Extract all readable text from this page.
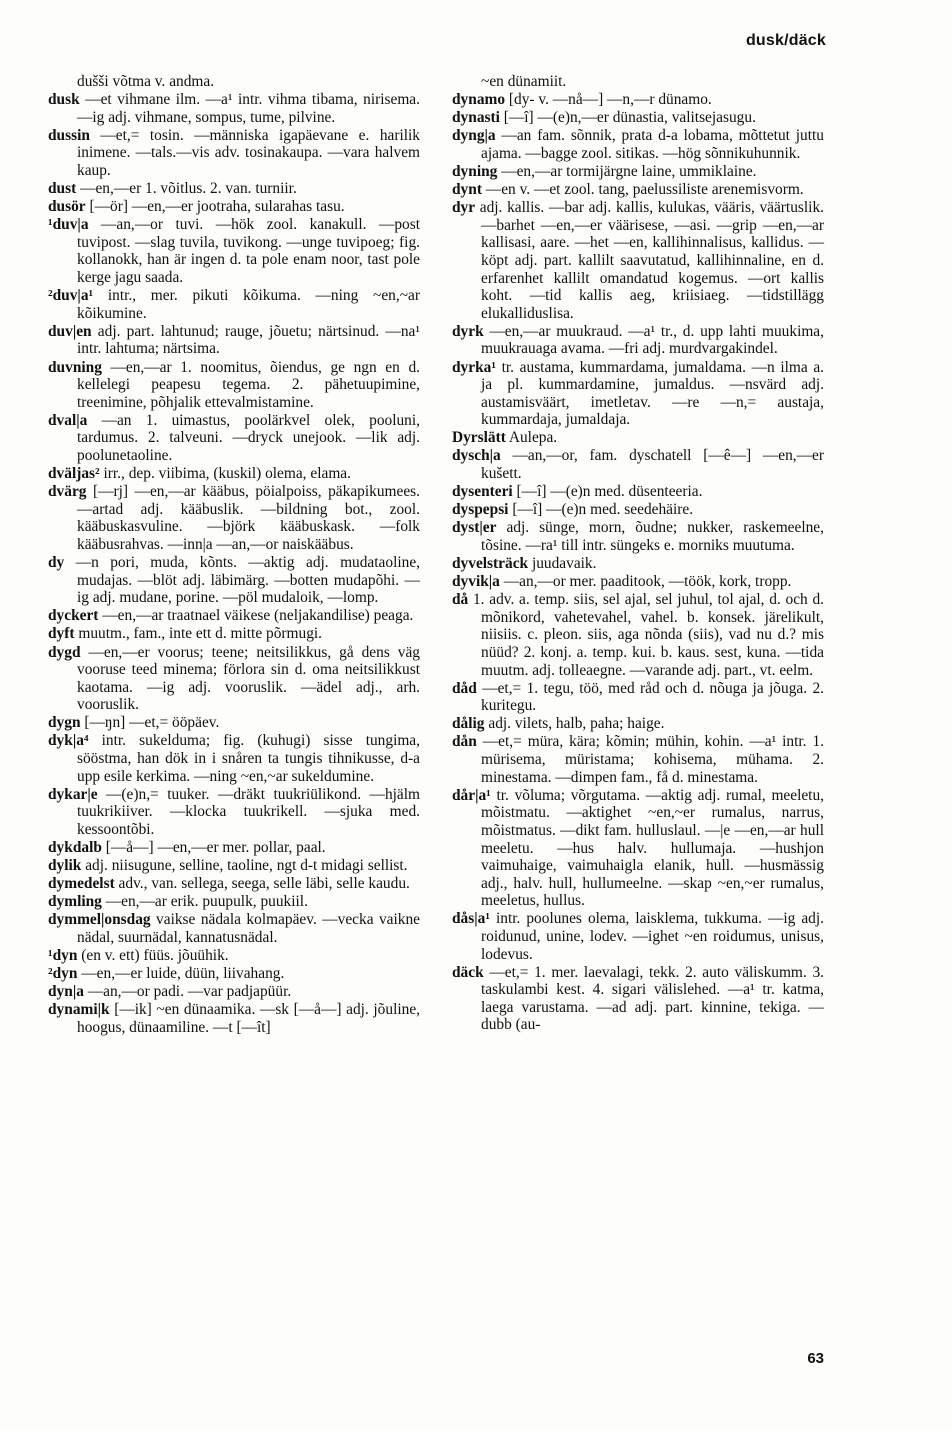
dusk/däck

dušši võtma v. andma.

dusk —et vihmane ilm. —a¹ intr. vihma tibama, nirisema. —ig adj. vihmane, sompus, tume, pilvine.

dussin —et,= tosin. —människa igapäevane e. harilik inimene. —tals.—vis adv. tosinakaupa. —vara halvem kaup.

dust —en,—er 1. võitlus. 2. van. turniir.

dusör [—ör] —en,—er jootraha, sularahas tasu.

¹duv|a —an,—or tuvi. —hök zool. kanakull. —post tuvipost. —slag tuvila, tuvikong. —unge tuvipoeg; fig. kollanokk, han är ingen d. ta pole enam noor, tast pole kerge jagu saada.

²duv|a¹ intr., mer. pikuti kõikuma. —ning ~en,~ar kõikumine.

duv|en adj. part. lahtunud; rauge, jõuetu; närtsinud. —na¹ intr. lahtuma; närtsima.

duvning —en,—ar 1. noomitus, õiendus, ge ngn en d. kellelegi peapesu tegema. 2. pähetuupimine, treenimine, põhjalik ettevalmistamine.

dval|a —an 1. uimastus, poolärkvel olek, pooluni, tardumus. 2. talveuni. —dryck unejook. —lik adj. poolunetaoline.

dväljas² irr., dep. viibima, (kuskil) olema, elama.

dvärg [—rj] —en,—ar kääbus, pöialpoiss, päkapikumees. —artad adj. kääbuslik. —bildning bot., zool. kääbuskasvuline. —björk kääbuskask. —folk kääbusrahvas. —inn|a —an,—or naiskääbus.

dy —n pori, muda, kõnts. —aktig adj. mudataoline, mudajas. —blöt adj. läbimärg. —botten mudapõhi. —ig adj. mudane, porine. —pöl mudaloik, —lomp.

dyckert —en,—ar traatnael väikese (neljakandilise) peaga.

dyft muutm., fam., inte ett d. mitte põrmugi.

dygd —en,—er voorus; teene; neitsilikkus, gå dens väg vooruse teed minema; förlora sin d. oma neitsilikkust kaotama. —ig adj. vooruslik. —ädel adj., arh. vooruslik.

dygn [—ŋn] —et,= ööpäev.

dyk|a⁴ intr. sukelduma; fig. (kuhugi) sisse tungima, sööstma, han dök in i snåren ta tungis tihnikusse, d-a upp esile kerkima. —ning ~en,~ar sukeldumine.

dykar|e —(e)n,= tuuker. —dräkt tuukriülikond. —hjälm tuukrikiiver. —klocka tuukrikell. —sjuka med. kessoontõbi.

dykdalb [—å—] —en,—er mer. pollar, paal.

dylik adj. niisugune, selline, taoline, ngt d-t midagi sellist.

dymedelst adv., van. sellega, seega, selle läbi, selle kaudu.

dymling —en,—ar erik. puupulk, puukiil.

dymmel|onsdag vaikse nädala kolmapäev. —vecka vaikne nädal, suurnädal, kannatusnädal.

¹dyn (en v. ett) füüs. jõuühik.

²dyn —en,—er luide, düün, liivahang.

dyn|a —an,—or padi. —var padjapüür.

dynami|k [—ik] ~en dünaamika. —sk [—å—] adj. jõuline, hoogus, dünaamiline. —t [—ît]

~en dünamiit.

dynamo [dy- v. —nå—] —n,—r dünamo.

dynasti [—î] —(e)n,—er dünastia, valitsejasugu.

dyng|a —an fam. sõnnik, prata d-a lobama, mõttetut juttu ajama. —bagge zool. sitikas. —hög sõnnikuhunnik.

dyning —en,—ar tormijärgne laine, ummiklaine.

dynt —en v. —et zool. tang, paelussiliste arenemisvorm.

dyr adj. kallis. —bar adj. kallis, kulukas, vääris, väärtuslik. —barhet —en,—er väärisese, —asi. —grip —en,—ar kallisasi, aare. —het —en, kallihinnalisus, kallidus. —köpt adj. part. kallilt saavutatud, kallihinnaline, en d. erfarenhet kallilt omandatud kogemus. —ort kallis koht. —tid kallis aeg, kriisiaeg. —tidstillägg elukalliduslisa.

dyrk —en,—ar muukraud. —a¹ tr., d. upp lahti muukima, muukrauaga avama. —fri adj. murdvargakindel.

dyrka¹ tr. austama, kummardama, jumaldama. —n ilma a. ja pl. kummardamine, jumaldus. —nsvärd adj. austamisväärt, imetletav. —re —n,= austaja, kummardaja, jumaldaja.

Dyrslätt Aulepa.

dysch|a —an,—or, fam. dyschatell [—ê—] —en,—er kušett.

dysenteri [—î] —(e)n med. düsenteeria.

dyspepsi [—î] —(e)n med. seedehäire.

dyst|er adj. sünge, morn, õudne; nukker, raskemeelne, tõsine. —ra¹ till intr. süngeks e. morniks muutuma.

dyvelsträck juudavaik.

dyvik|a —an,—or mer. paaditook, —töök, kork, tropp.

då 1. adv. a. temp. siis, sel ajal, sel juhul, tol ajal, d. och d. mõnikord, vahetevahel, vahel. b. konsek. järelikult, niisiis. c. pleon. siis, aga nõnda (siis), vad nu d.? mis nüüd? 2. konj. a. temp. kui. b. kaus. sest, kuna. —tida muutm. adj. tolleaegne. —varande adj. part., vt. eelm.

dåd —et,= 1. tegu, töö, med råd och d. nõuga ja jõuga. 2. kuritegu.

dålig adj. vilets, halb, paha; haige.

dån —et,= müra, kära; kõmin; mühin, kohin. —a¹ intr. 1. mürisema, müristama; kohisema, mühama. 2. minestama. —dimpen fam., få d. minestama.

dår|a¹ tr. võluma; võrgutama. —aktig adj. rumal, meeletu, mõistmatu. —aktighet ~en,~er rumalus, narrus, mõistmatus. —dikt fam. hulluslaul. —|e —en,—ar hull meeletu. —hus halv. hullumaja. —hushjon vaimuhaige, vaimuhaigla elanik, hull. —husmässig adj., halv. hull, hullumeelne. —skap ~en,~er rumalus, meeletus, hullus.

dås|a¹ intr. poolunes olema, laisklema, tukkuma. —ig adj. roidunud, unine, lodev. —ighet ~en roidumus, unisus, lodevus.

däck —et,= 1. mer. laevalagi, tekk. 2. auto väliskumm. 3. taskulambi kest. 4. sigari välislehed. —a¹ tr. katma, laega varustama. —ad adj. part. kinnine, tekiga. —dubb (au-

63
